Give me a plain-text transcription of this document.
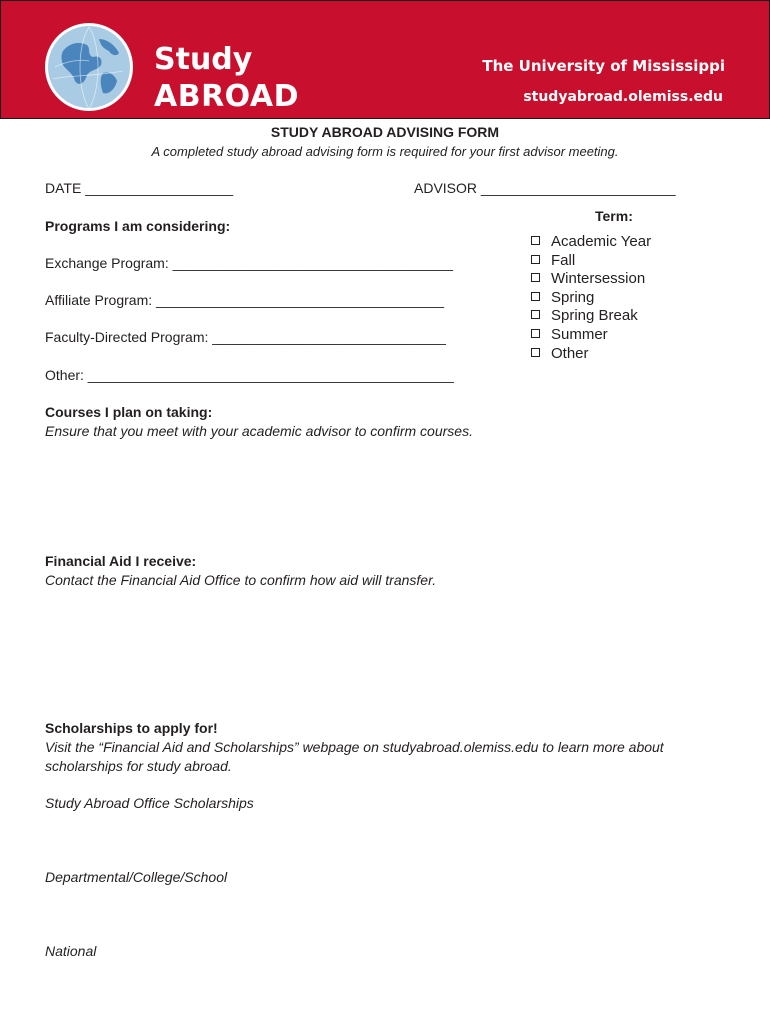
Study

ABROAD

The University of Mississippi

studyabroad.olemiss.edu

STUDY ABROAD ADVISING FORM

A completed study abroad advising form is required for your first advisor meeting.

DATE ___________________	ADVISOR _________________________

Programs I am considering:

Exchange Program: ____________________________________

Affiliate Program: _____________________________________

Faculty-Directed Program: ______________________________

Other: _______________________________________________

Term:

Academic Year
Fall
Wintersession
Spring
Spring Break
Summer
Other

Courses I plan on taking:

Ensure that you meet with your academic advisor to confirm courses.

Financial Aid I receive:

Contact the Financial Aid Office to confirm how aid will transfer.

Scholarships to apply for!

Visit the “Financial Aid and Scholarships” webpage on studyabroad.olemiss.edu to learn more about

scholarships for study abroad.

Study Abroad Office Scholarships

Departmental/College/School

National
